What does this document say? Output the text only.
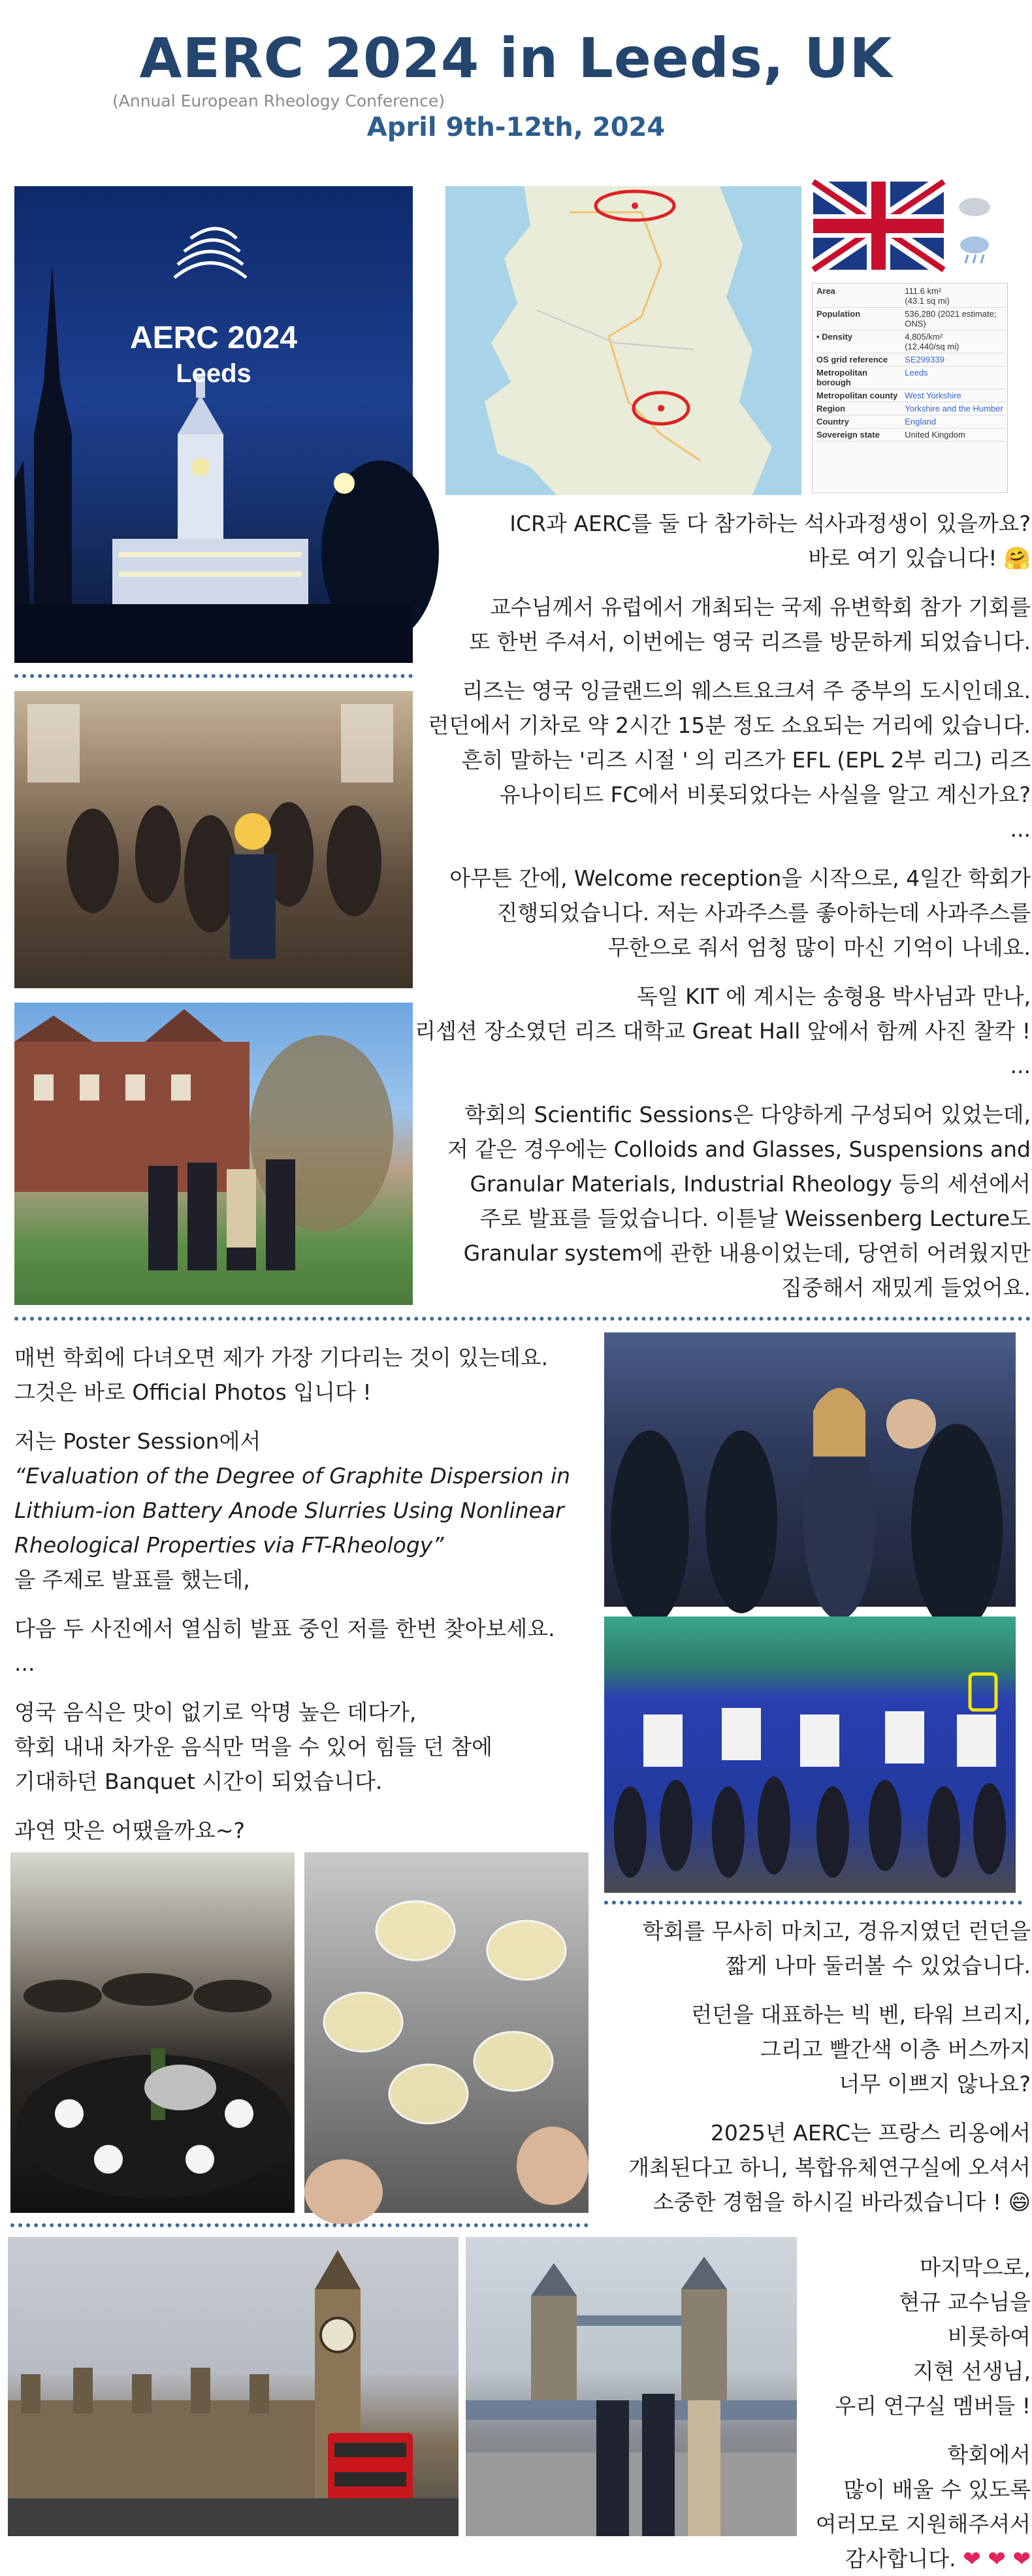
AERC 2024 in Leeds, UK
(Annual European Rheology Conference)
April 9th-12th, 2024
AERC 2024
Leeds
Area	111.6 km²
(43.1 sq mi)

Population	536,280 (2021 estimate; ONS)
• Density	4,805/km²
(12,440/sq mi)

OS grid reference	SE299339
Metropolitan borough	Leeds
Metropolitan county	West Yorkshire
Region	Yorkshire and the Humber
Country	England
Sovereign state	United Kingdom

ICR과 AERC를 둘 다 참가하는 석사과정생이 있을까요?

바로 여기 있습니다! 🤗

교수님께서 유럽에서 개최되는 국제 유변학회 참가 기회를

또 한번 주셔서, 이번에는 영국 리즈를 방문하게 되었습니다.

리즈는 영국 잉글랜드의 웨스트요크셔 주 중부의 도시인데요.

런던에서 기차로 약 2시간 15분 정도 소요되는 거리에 있습니다.

흔히 말하는 '리즈 시절 ' 의 리즈가 EFL (EPL 2부 리그) 리즈

유나이티드 FC에서 비롯되었다는 사실을 알고 계신가요?

...

아무튼 간에, Welcome reception을 시작으로, 4일간 학회가

진행되었습니다. 저는 사과주스를 좋아하는데 사과주스를

무한으로 줘서 엄청 많이 마신 기억이 나네요.

독일 KIT 에 계시는 송형용 박사님과 만나,

리셉션 장소였던 리즈 대학교 Great Hall 앞에서 함께 사진 찰칵 !

...

학회의 Scientific Sessions은 다양하게 구성되어 있었는데,

저 같은 경우에는 Colloids and Glasses, Suspensions and

Granular Materials, Industrial Rheology 등의 세션에서

주로 발표를 들었습니다. 이튿날 Weissenberg Lecture도

Granular system에 관한 내용이었는데, 당연히 어려웠지만

집중해서 재밌게 들었어요.

매번 학회에 다녀오면 제가 가장 기다리는 것이 있는데요.

그것은 바로 Official Photos 입니다 !

저는 Poster Session에서

“Evaluation of the Degree of Graphite Dispersion in

Lithium-ion Battery Anode Slurries Using Nonlinear

Rheological Properties via FT-Rheology”

을 주제로 발표를 했는데,

다음 두 사진에서 열심히 발표 중인 저를 한번 찾아보세요.

...

영국 음식은 맛이 없기로 악명 높은 데다가,

학회 내내 차가운 음식만 먹을 수 있어 힘들 던 참에

기대하던 Banquet 시간이 되었습니다.

과연 맛은 어땠을까요~?

학회를 무사히 마치고, 경유지였던 런던을

짧게 나마 둘러볼 수 있었습니다.

런던을 대표하는 빅 벤, 타워 브리지,

그리고 빨간색 이층 버스까지

너무 이쁘지 않나요?

2025년 AERC는 프랑스 리옹에서

개최된다고 하니, 복합유체연구실에 오셔서

소중한 경험을 하시길 바라겠습니다 ! 😄

마지막으로,

현규 교수님을

비롯하여

지현 선생님,

우리 연구실 멤버들 !

학회에서

많이 배울 수 있도록

여러모로 지원해주셔서

감사합니다. ❤ ❤ ❤
